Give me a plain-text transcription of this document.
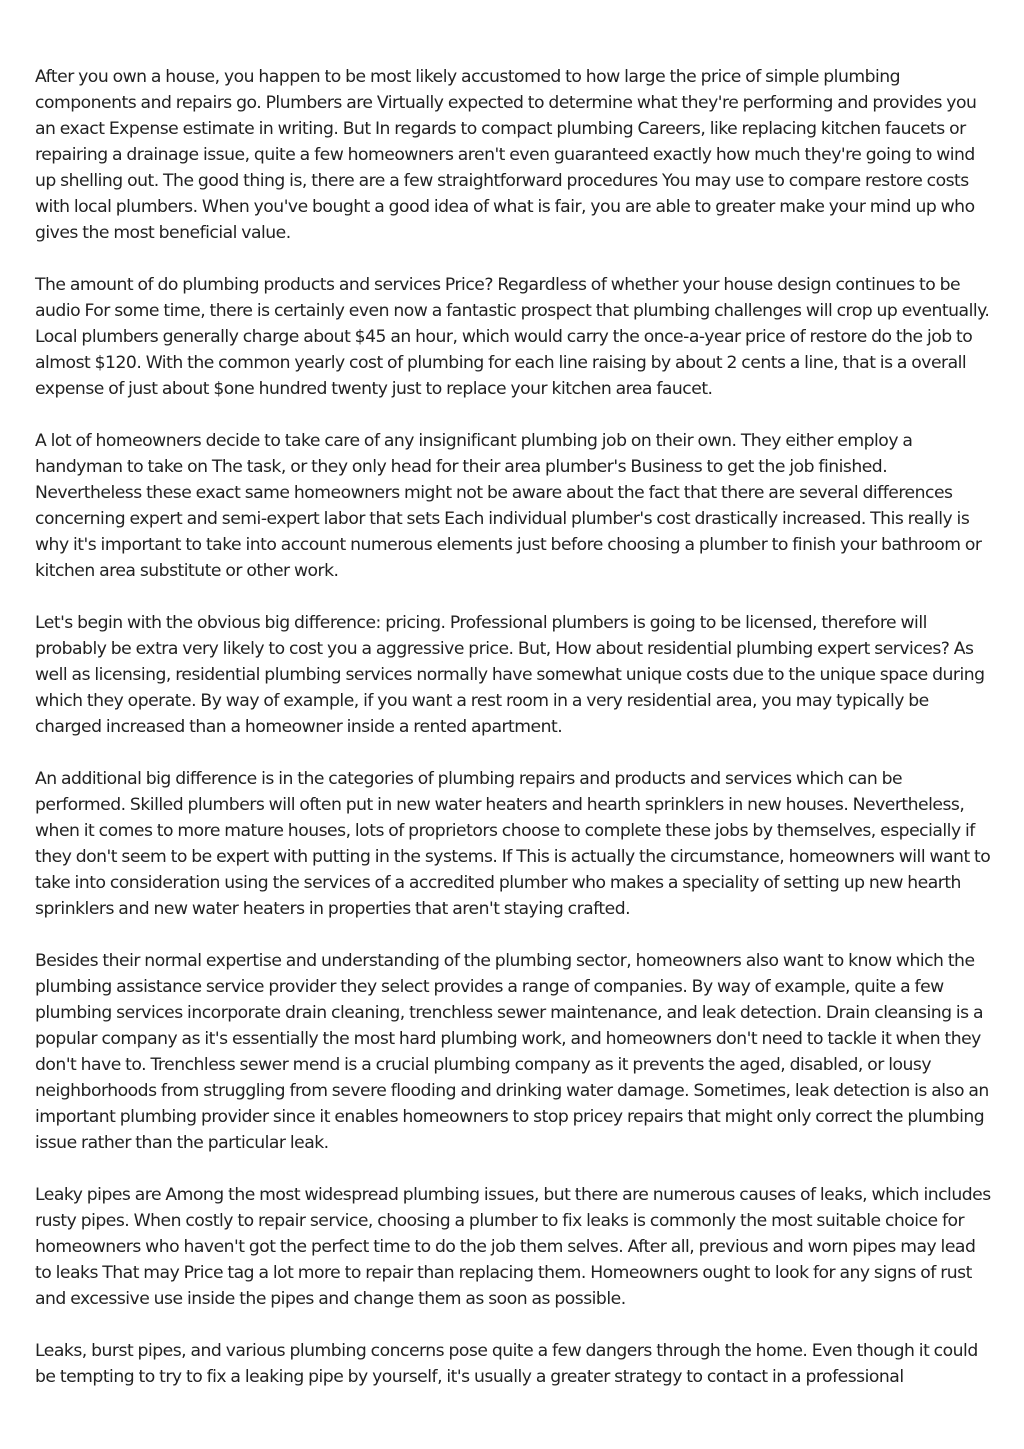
After you own a house, you happen to be most likely accustomed to how large the price of simple plumbing components and repairs go. Plumbers are Virtually expected to determine what they're performing and provides you an exact Expense estimate in writing. But In regards to compact plumbing Careers, like replacing kitchen faucets or repairing a drainage issue, quite a few homeowners aren't even guaranteed exactly how much they're going to wind up shelling out. The good thing is, there are a few straightforward procedures You may use to compare restore costs with local plumbers. When you've bought a good idea of what is fair, you are able to greater make your mind up who gives the most beneficial value.

The amount of do plumbing products and services Price? Regardless of whether your house design continues to be audio For some time, there is certainly even now a fantastic prospect that plumbing challenges will crop up eventually. Local plumbers generally charge about $45 an hour, which would carry the once-a-year price of restore do the job to almost $120. With the common yearly cost of plumbing for each line raising by about 2 cents a line, that is a overall expense of just about $one hundred twenty just to replace your kitchen area faucet.

A lot of homeowners decide to take care of any insignificant plumbing job on their own. They either employ a handyman to take on The task, or they only head for their area plumber's Business to get the job finished. Nevertheless these exact same homeowners might not be aware about the fact that there are several differences concerning expert and semi-expert labor that sets Each individual plumber's cost drastically increased. This really is why it's important to take into account numerous elements just before choosing a plumber to finish your bathroom or kitchen area substitute or other work.

Let's begin with the obvious big difference: pricing. Professional plumbers is going to be licensed, therefore will probably be extra very likely to cost you a aggressive price. But, How about residential plumbing expert services? As well as licensing, residential plumbing services normally have somewhat unique costs due to the unique space during which they operate. By way of example, if you want a rest room in a very residential area, you may typically be charged increased than a homeowner inside a rented apartment.

An additional big difference is in the categories of plumbing repairs and products and services which can be performed. Skilled plumbers will often put in new water heaters and hearth sprinklers in new houses. Nevertheless, when it comes to more mature houses, lots of proprietors choose to complete these jobs by themselves, especially if they don't seem to be expert with putting in the systems. If This is actually the circumstance, homeowners will want to take into consideration using the services of a accredited plumber who makes a speciality of setting up new hearth sprinklers and new water heaters in properties that aren't staying crafted.

Besides their normal expertise and understanding of the plumbing sector, homeowners also want to know which the plumbing assistance service provider they select provides a range of companies. By way of example, quite a few plumbing services incorporate drain cleaning, trenchless sewer maintenance, and leak detection. Drain cleansing is a popular company as it's essentially the most hard plumbing work, and homeowners don't need to tackle it when they don't have to. Trenchless sewer mend is a crucial plumbing company as it prevents the aged, disabled, or lousy neighborhoods from struggling from severe flooding and drinking water damage. Sometimes, leak detection is also an important plumbing provider since it enables homeowners to stop pricey repairs that might only correct the plumbing issue rather than the particular leak.

Leaky pipes are Among the most widespread plumbing issues, but there are numerous causes of leaks, which includes rusty pipes. When costly to repair service, choosing a plumber to fix leaks is commonly the most suitable choice for homeowners who haven't got the perfect time to do the job them selves. After all, previous and worn pipes may lead to leaks That may Price tag a lot more to repair than replacing them. Homeowners ought to look for any signs of rust and excessive use inside the pipes and change them as soon as possible.

Leaks, burst pipes, and various plumbing concerns pose quite a few dangers through the home. Even though it could be tempting to try to fix a leaking pipe by yourself, it's usually a greater strategy to contact in a professional
